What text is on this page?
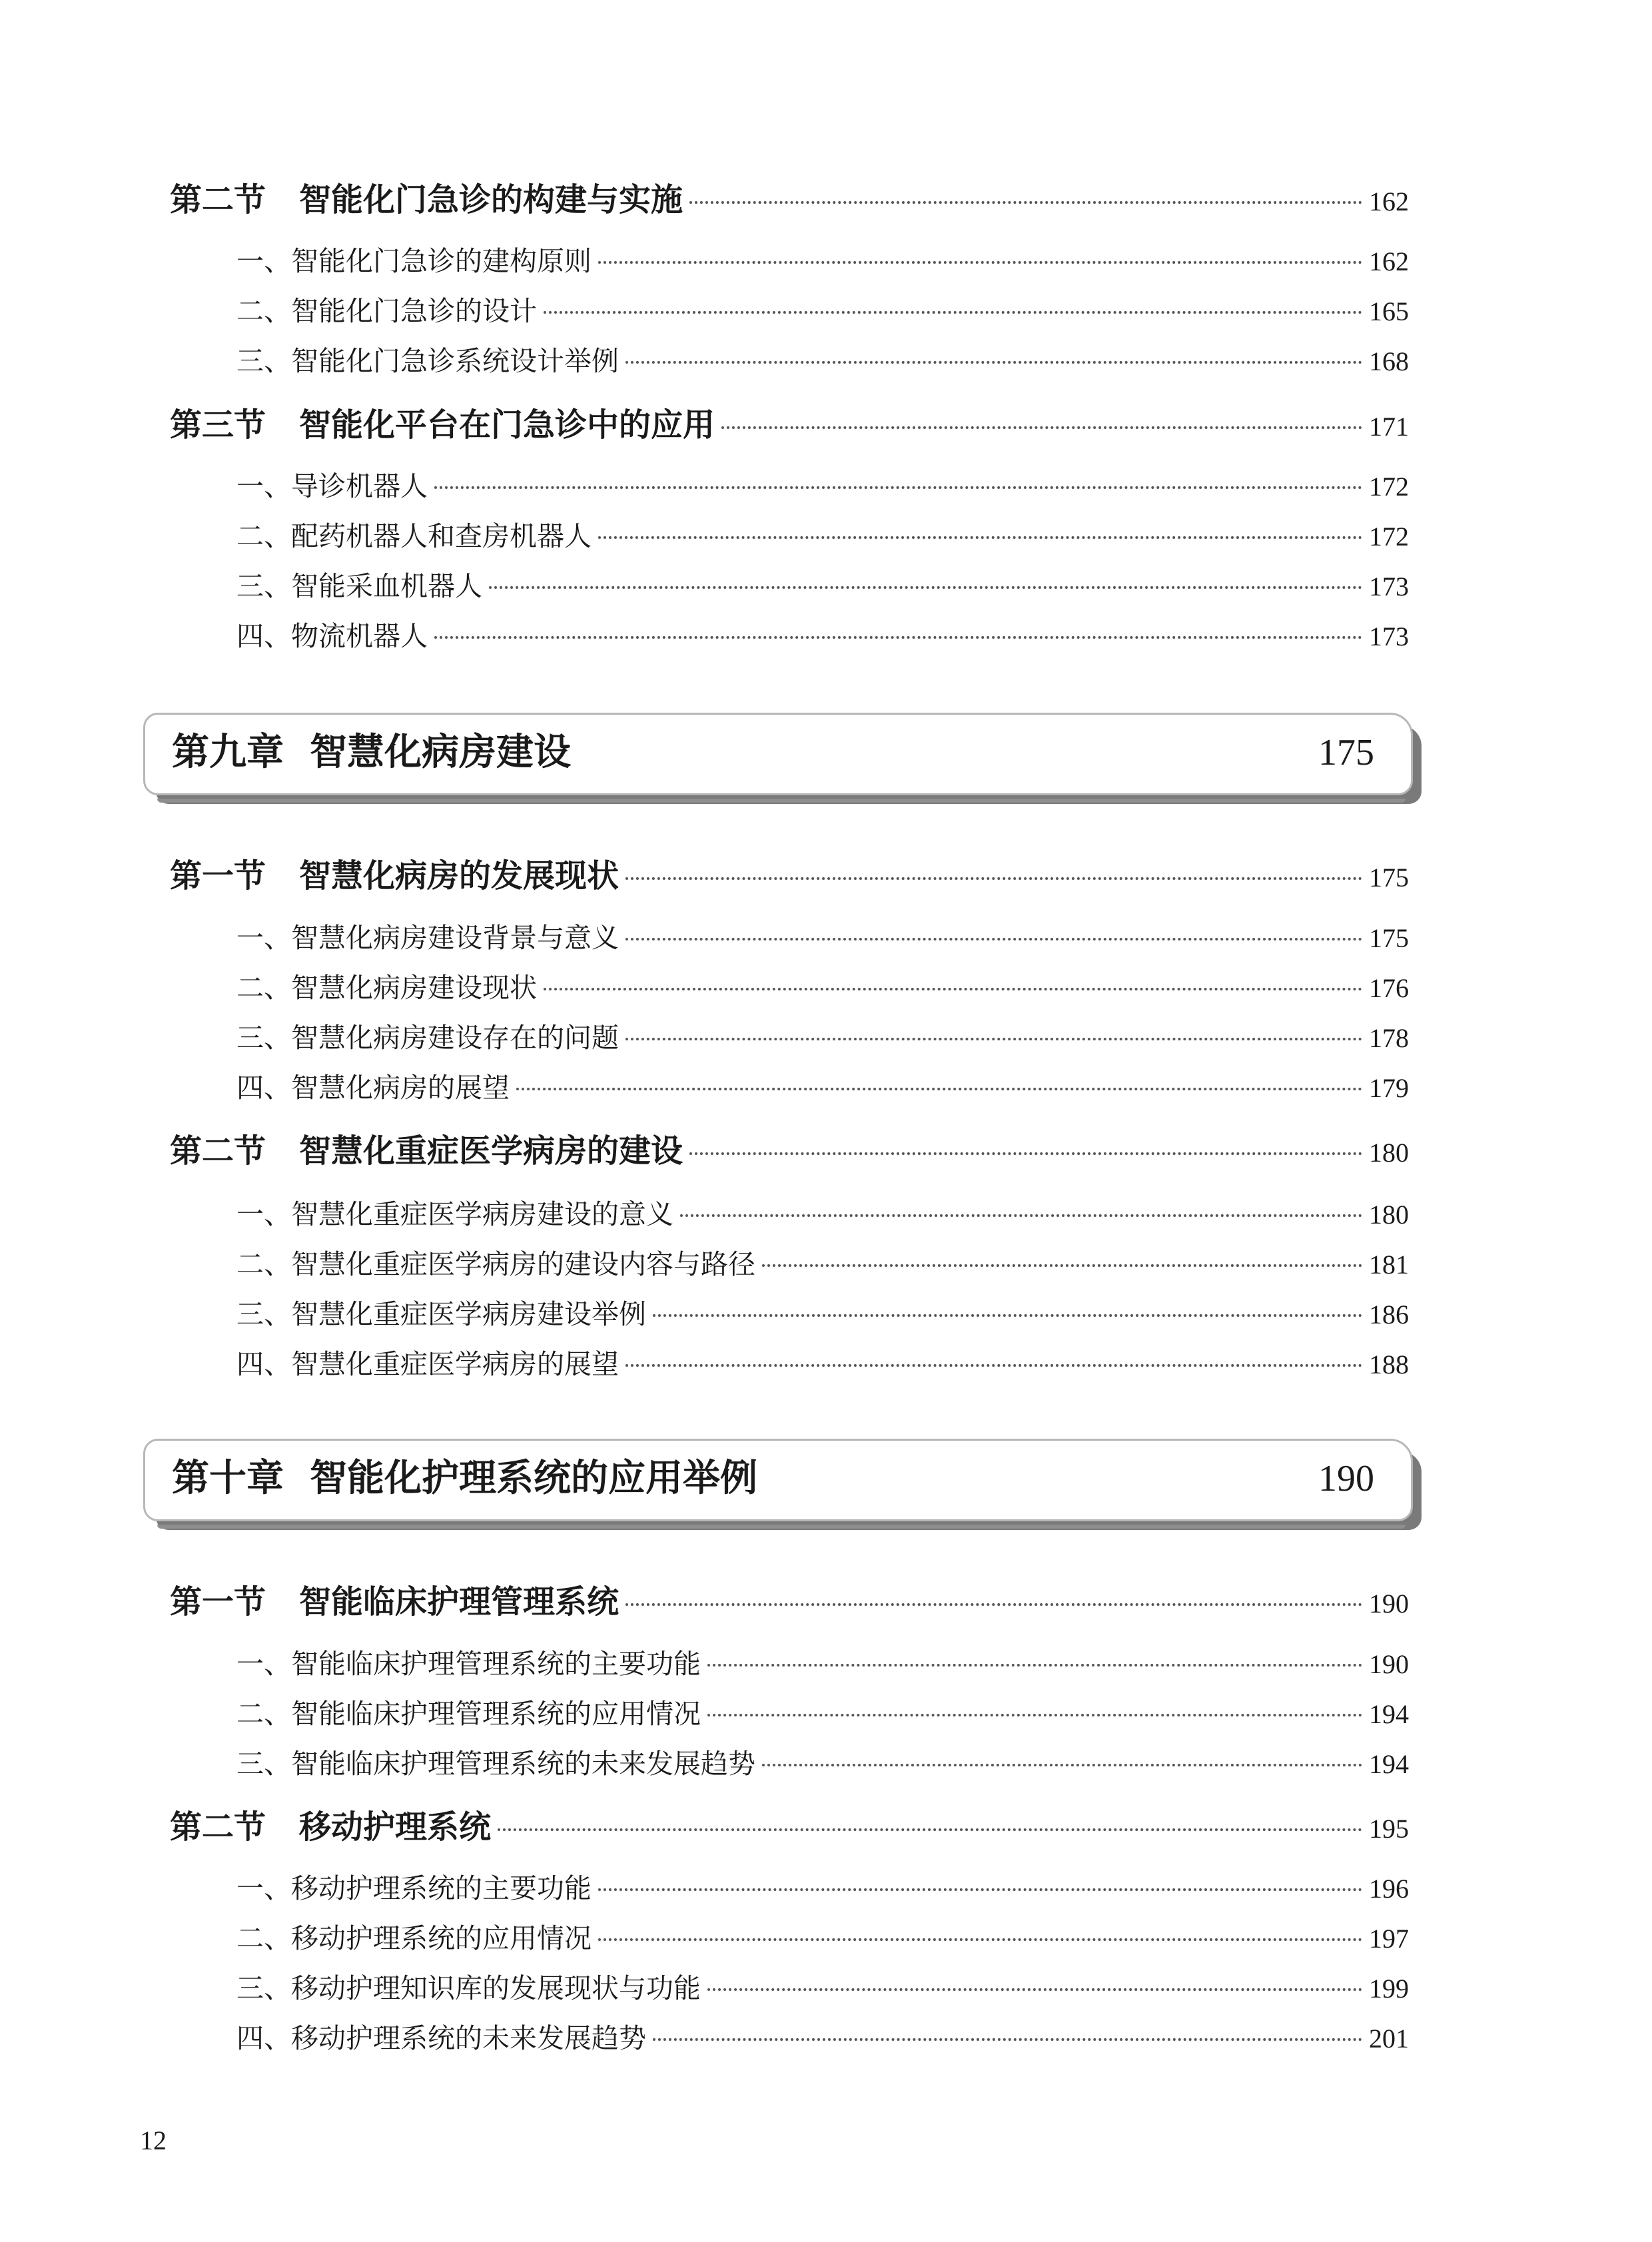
12
第二节 智能化门急诊的构建与实施	162
一、智能化门急诊的建构原则	162
二、智能化门急诊的设计	165
三、智能化门急诊系统设计举例	168
第三节 智能化平台在门急诊中的应用	171
一、导诊机器人	172
二、配药机器人和查房机器人	172
三、智能采血机器人	173
四、物流机器人	173
第九章 智慧化病房建设	175
第一节 智慧化病房的发展现状	175
一、智慧化病房建设背景与意义	175
二、智慧化病房建设现状	176
三、智慧化病房建设存在的问题	178
四、智慧化病房的展望	179
第二节 智慧化重症医学病房的建设	180
一、智慧化重症医学病房建设的意义	180
二、智慧化重症医学病房的建设内容与路径	181
三、智慧化重症医学病房建设举例	186
四、智慧化重症医学病房的展望	188
第十章 智能化护理系统的应用举例	190
第一节 智能临床护理管理系统	190
一、智能临床护理管理系统的主要功能	190
二、智能临床护理管理系统的应用情况	194
三、智能临床护理管理系统的未来发展趋势	194
第二节 移动护理系统	195
一、移动护理系统的主要功能	196
二、移动护理系统的应用情况	197
三、移动护理知识库的发展现状与功能	199
四、移动护理系统的未来发展趋势	201
